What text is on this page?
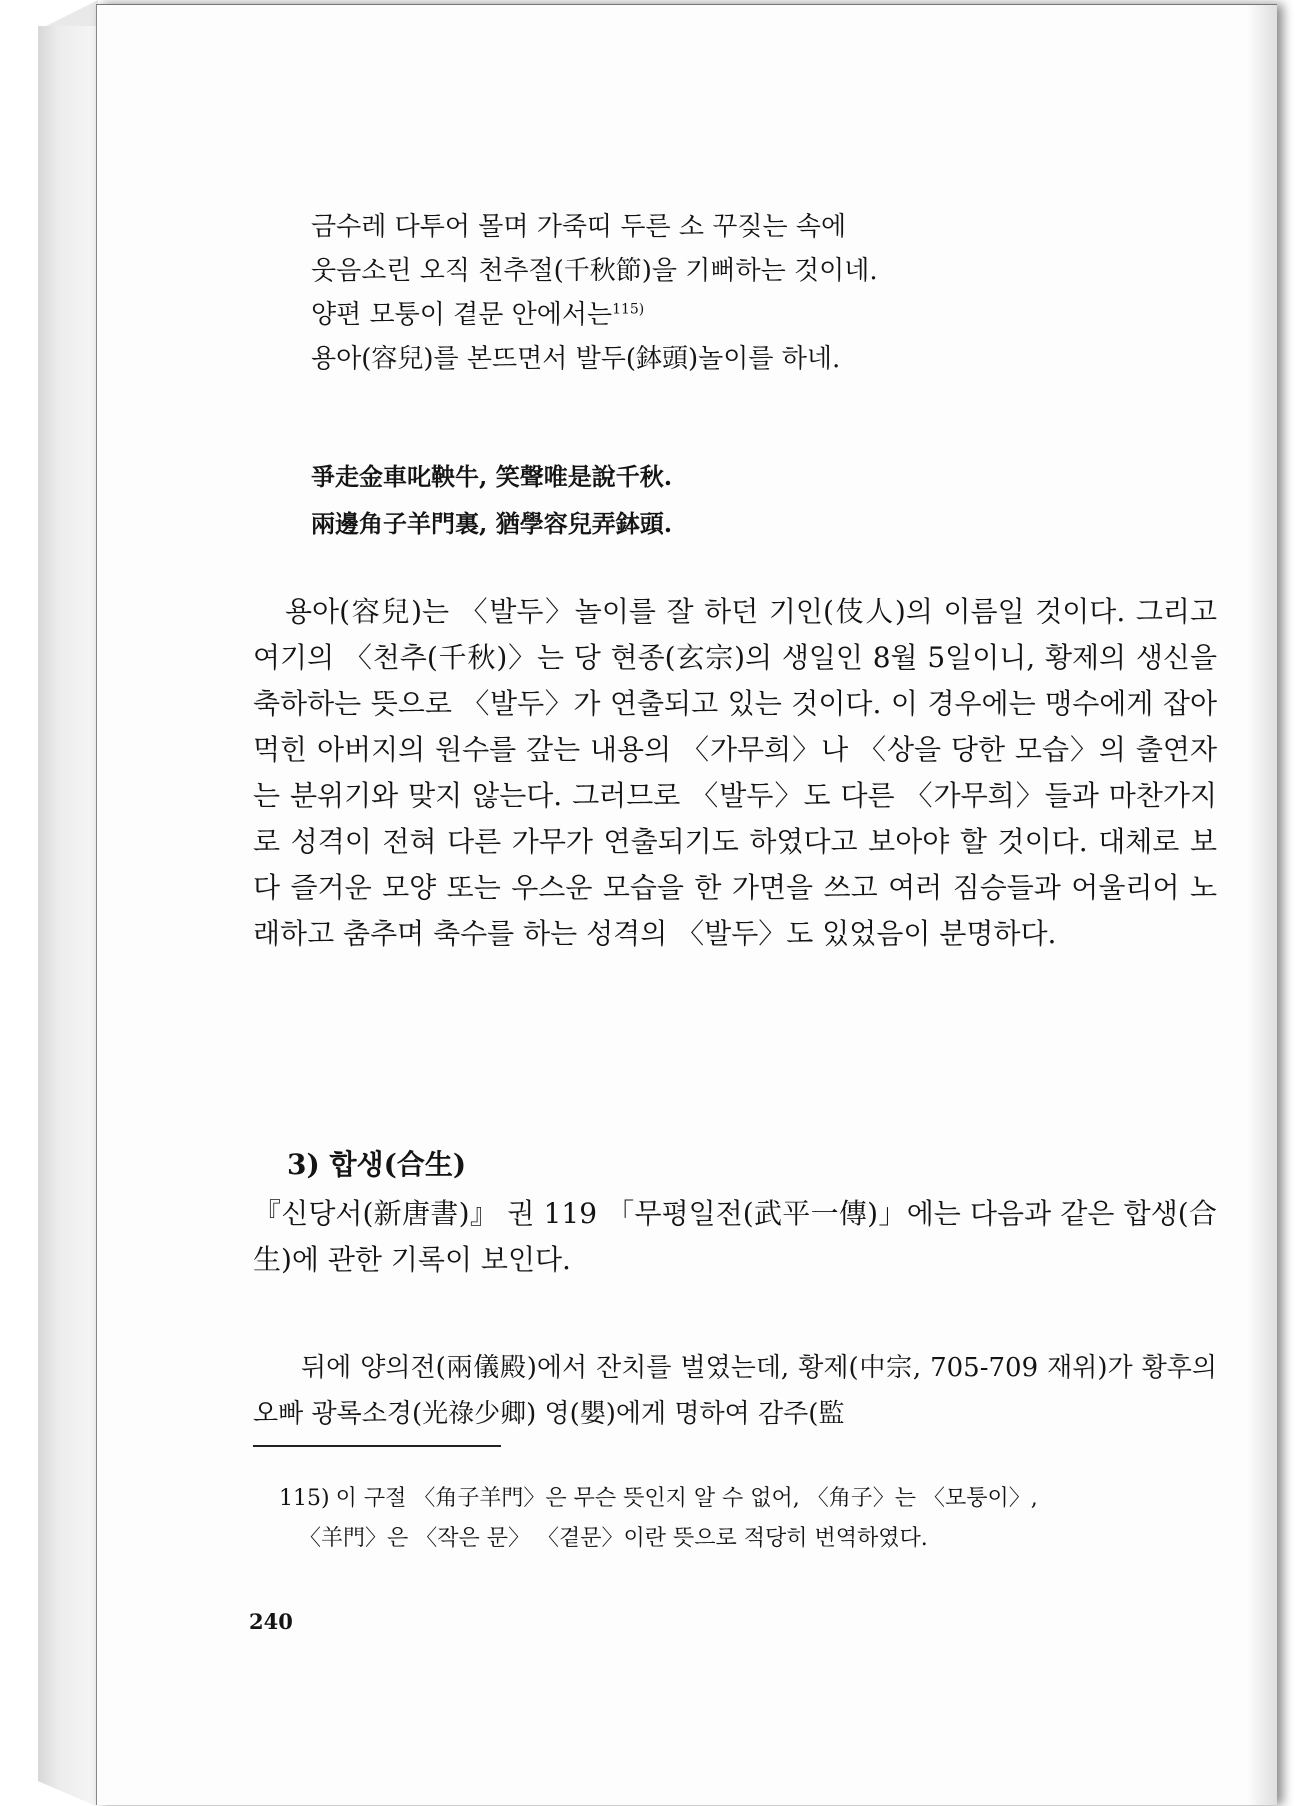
금수레 다투어 몰며 가죽띠 두른 소 꾸짖는 속에
웃음소린 오직 천추절(千秋節)을 기뻐하는 것이네.
양편 모퉁이 곁문 안에서는$^{115)}$
용아(容兒)를 본뜨면서 발두(鉢頭)놀이를 하네.
爭走金車叱鞅牛, 笑聲唯是說千秋.
兩邊角子羊門裏, 猶學容兒弄鉢頭.

용아(容兒)는 〈발두〉놀이를 잘 하던 기인(伎人)의 이름일 것이다. 그리고 여기의 〈천추(千秋)〉는 당 현종(玄宗)의 생일인 8월 5일이니, 황제의 생신을 축하하는 뜻으로 〈발두〉가 연출되고 있는 것이다. 이 경우에는 맹수에게 잡아 먹힌 아버지의 원수를 갚는 내용의 〈가무희〉나 〈상을 당한 모습〉의 출연자는 분위기와 맞지 않는다. 그러므로 〈발두〉도 다른 〈가무희〉들과 마찬가지로 성격이 전혀 다른 가무가 연출되기도 하였다고 보아야 할 것이다. 대체로 보다 즐거운 모양 또는 우스운 모습을 한 가면을 쓰고 여러 짐승들과 어울리어 노래하고 춤추며 축수를 하는 성격의 〈발두〉도 있었음이 분명하다.

3) 합생(合生)

『신당서(新唐書)』 권 119 「무평일전(武平一傳)」에는 다음과 같은 합생(合生)에 관한 기록이 보인다.

뒤에 양의전(兩儀殿)에서 잔치를 벌였는데, 황제(中宗, 705-709 재위)가 황후의 오빠 광록소경(光祿少卿) 영(嬰)에게 명하여 감주(監

115) 이 구절 〈角子羊門〉은 무슨 뜻인지 알 수 없어, 〈角子〉는 〈모퉁이〉,
〈羊門〉은 〈작은 문〉 〈곁문〉이란 뜻으로 적당히 번역하였다.
240
